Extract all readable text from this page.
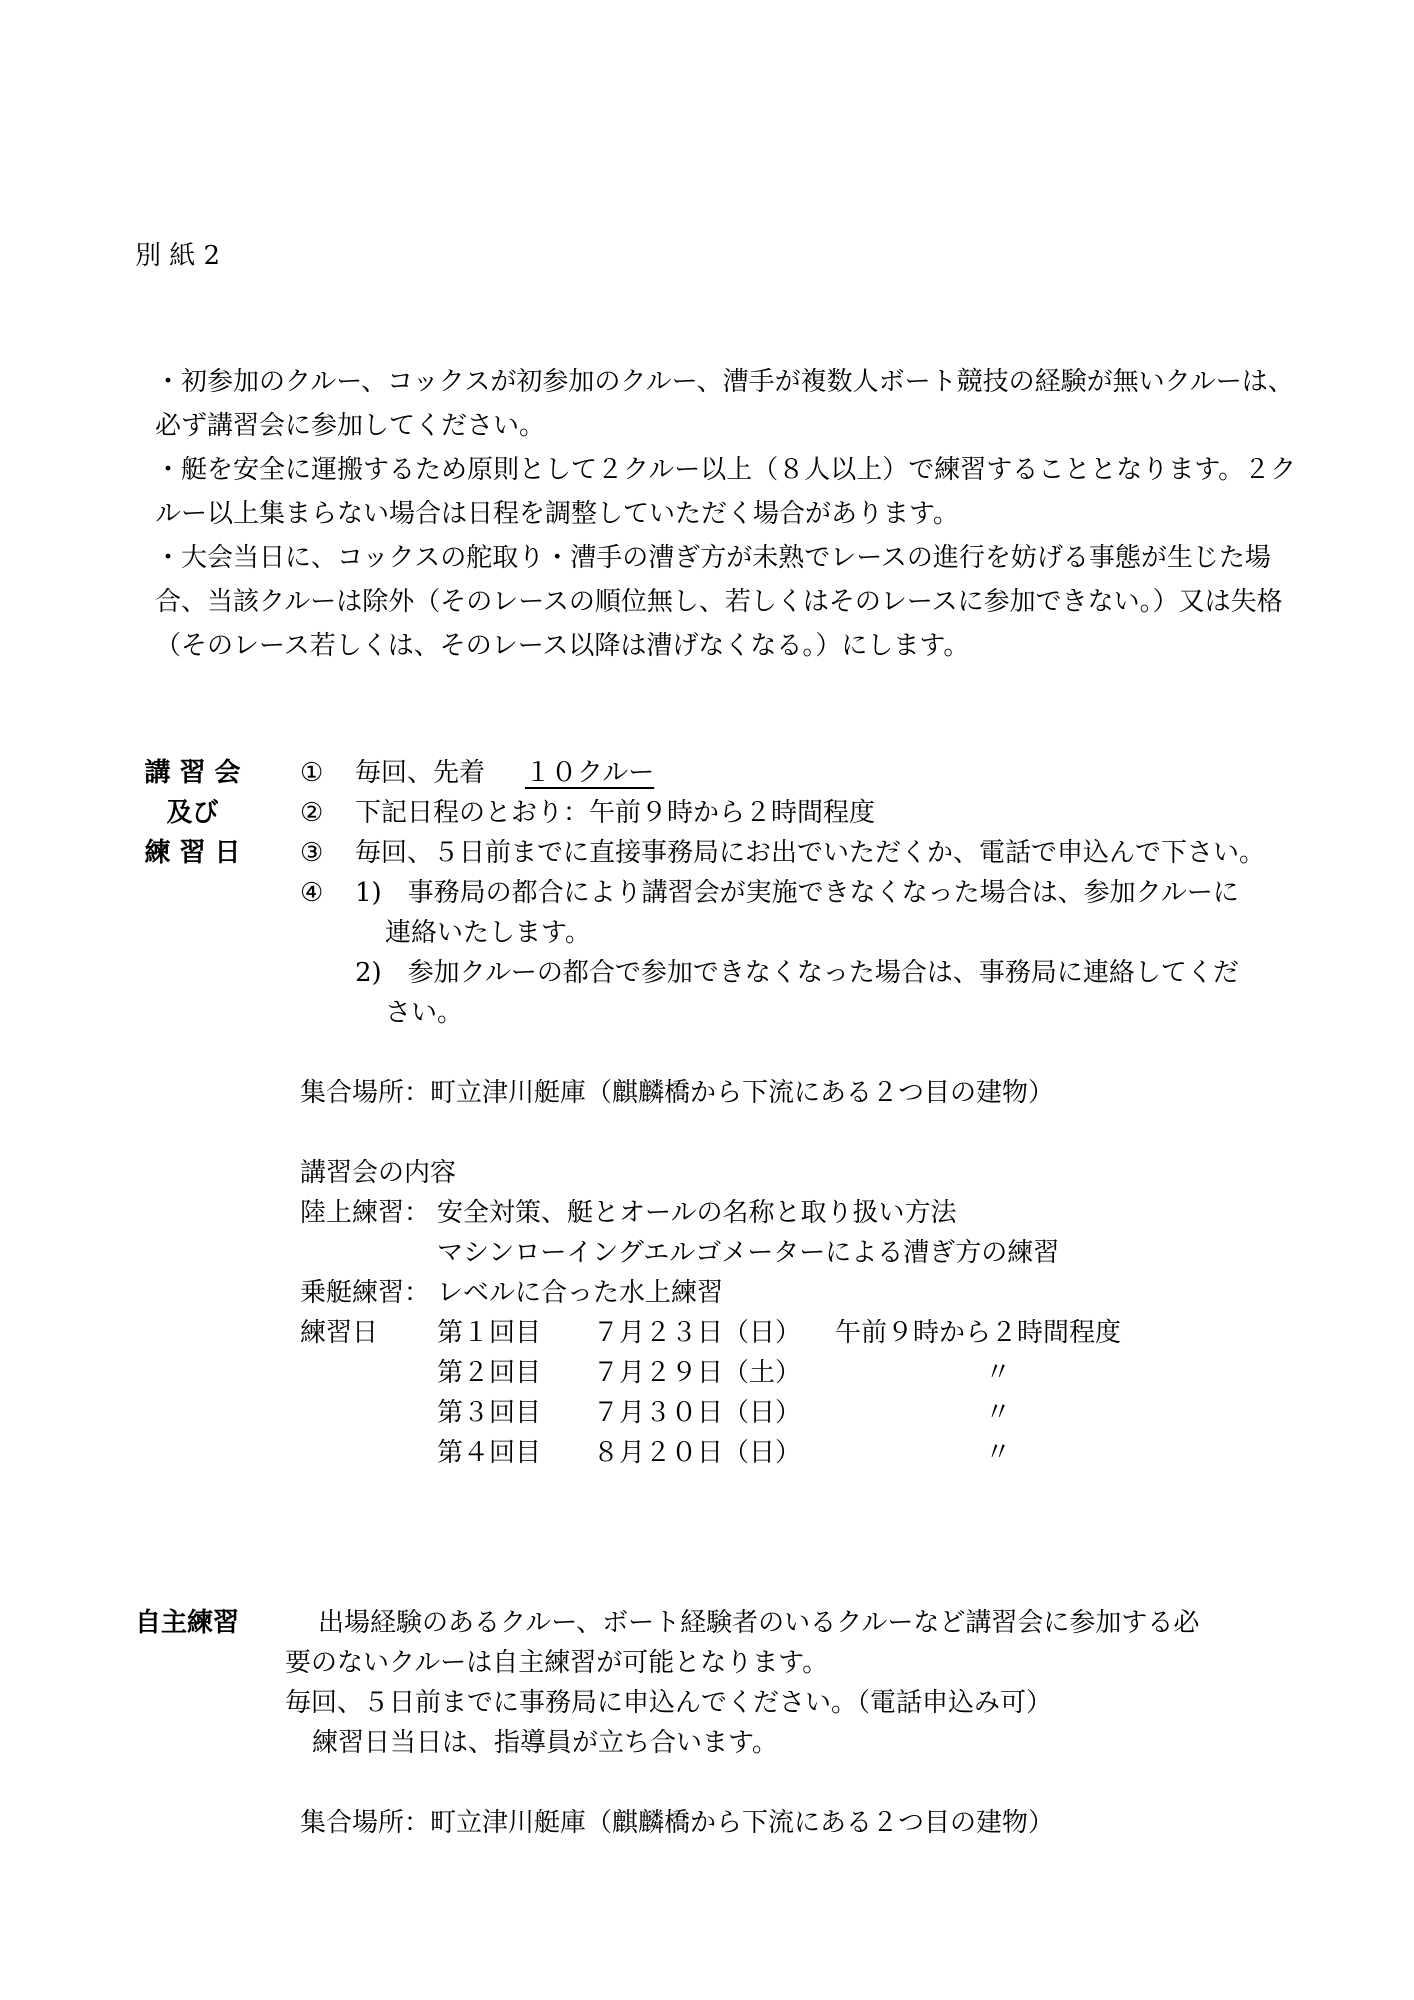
別 紙 2

・初参加のクルー、コックスが初参加のクルー、漕手が複数人ボート競技の経験が無いクルーは、必ず講習会に参加してください。

・艇を安全に運搬するため原則として２クルー以上（８人以上）で練習することとなります。２クルー以上集まらない場合は日程を調整していただく場合があります。

・大会当日に、コックスの舵取り・漕手の漕ぎ方が未熟でレースの進行を妨げる事態が生じた場合、当該クルーは除外（そのレースの順位無し、若しくはそのレースに参加できない。）又は失格（そのレース若しくは、そのレース以降は漕げなくなる。）にします。

講 習 会
及び
練 習 日
① 毎回、先着 １０クルー
② 下記日程のとおり：午前９時から２時間程度
③ 毎回、５日前までに直接事務局にお出でいただくか、電話で申込んで下さい。
④ 1)　事務局の都合により講習会が実施できなくなった場合は、参加クルーに
連絡いたします。
2)　参加クルーの都合で参加できなくなった場合は、事務局に連絡してくだ
さい。
集合場所：町立津川艇庫（麒麟橋から下流にある２つ目の建物）
講習会の内容
陸上練習： 安全対策、艇とオールの名称と取り扱い方法
マシンローイングエルゴメーターによる漕ぎ方の練習
乗艇練習： レベルに合った水上練習
練習日 第１回目 ７月２３日（日） 午前９時から２時間程度
第２回目 ７月２９日（土）	〃
第３回目 ７月３０日（日）	〃
第４回目 ８月２０日（日）	〃
自主練習	出場経験のあるクルー、ボート経験者のいるクルーなど講習会に参加する必
要のないクルーは自主練習が可能となります。
毎回、５日前までに事務局に申込んでください。（電話申込み可）
練習日当日は、指導員が立ち合います。
集合場所：町立津川艇庫（麒麟橋から下流にある２つ目の建物）
